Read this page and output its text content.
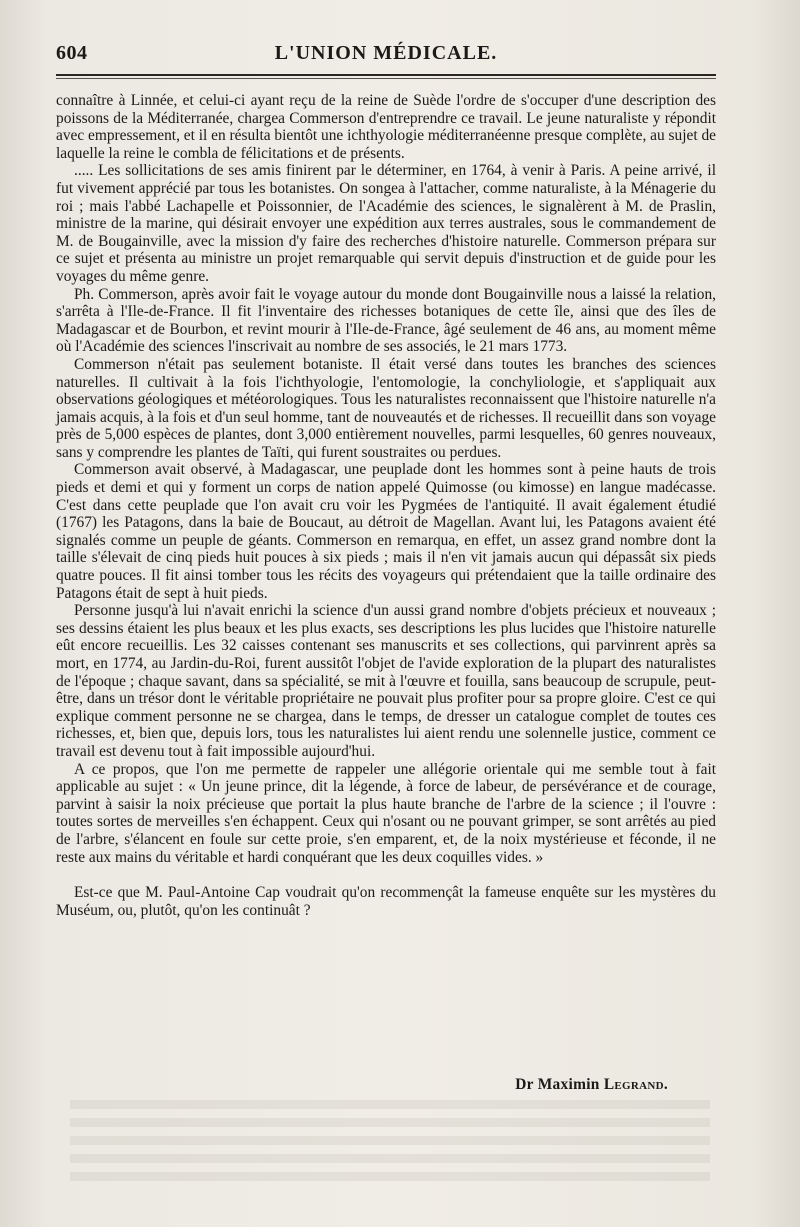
604	L'UNION MÉDICALE.

connaître à Linnée, et celui-ci ayant reçu de la reine de Suède l'ordre de s'occuper d'une description des poissons de la Méditerranée, chargea Commerson d'entreprendre ce travail. Le jeune naturaliste y répondit avec empressement, et il en résulta bientôt une ichthyologie méditerranéenne presque complète, au sujet de laquelle la reine le combla de félicitations et de présents.

..... Les sollicitations de ses amis finirent par le déterminer, en 1764, à venir à Paris. A peine arrivé, il fut vivement apprécié par tous les botanistes. On songea à l'attacher, comme naturaliste, à la Ménagerie du roi ; mais l'abbé Lachapelle et Poissonnier, de l'Académie des sciences, le signalèrent à M. de Praslin, ministre de la marine, qui désirait envoyer une expédition aux terres australes, sous le commandement de M. de Bougainville, avec la mission d'y faire des recherches d'histoire naturelle. Commerson prépara sur ce sujet et présenta au ministre un projet remarquable qui servit depuis d'instruction et de guide pour les voyages du même genre.

Ph. Commerson, après avoir fait le voyage autour du monde dont Bougainville nous a laissé la relation, s'arrêta à l'Ile-de-France. Il fit l'inventaire des richesses botaniques de cette île, ainsi que des îles de Madagascar et de Bourbon, et revint mourir à l'Ile-de-France, âgé seulement de 46 ans, au moment même où l'Académie des sciences l'inscrivait au nombre de ses associés, le 21 mars 1773.

Commerson n'était pas seulement botaniste. Il était versé dans toutes les branches des sciences naturelles. Il cultivait à la fois l'ichthyologie, l'entomologie, la conchyliologie, et s'appliquait aux observations géologiques et météorologiques. Tous les naturalistes reconnaissent que l'histoire naturelle n'a jamais acquis, à la fois et d'un seul homme, tant de nouveautés et de richesses. Il recueillit dans son voyage près de 5,000 espèces de plantes, dont 3,000 entièrement nouvelles, parmi lesquelles, 60 genres nouveaux, sans y comprendre les plantes de Taïti, qui furent soustraites ou perdues.

Commerson avait observé, à Madagascar, une peuplade dont les hommes sont à peine hauts de trois pieds et demi et qui y forment un corps de nation appelé Quimosse (ou kimosse) en langue madécasse. C'est dans cette peuplade que l'on avait cru voir les Pygmées de l'antiquité. Il avait également étudié (1767) les Patagons, dans la baie de Boucaut, au détroit de Magellan. Avant lui, les Patagons avaient été signalés comme un peuple de géants. Commerson en remarqua, en effet, un assez grand nombre dont la taille s'élevait de cinq pieds huit pouces à six pieds ; mais il n'en vit jamais aucun qui dépassât six pieds quatre pouces. Il fit ainsi tomber tous les récits des voyageurs qui prétendaient que la taille ordinaire des Patagons était de sept à huit pieds.

Personne jusqu'à lui n'avait enrichi la science d'un aussi grand nombre d'objets précieux et nouveaux ; ses dessins étaient les plus beaux et les plus exacts, ses descriptions les plus lucides que l'histoire naturelle eût encore recueillis. Les 32 caisses contenant ses manuscrits et ses collections, qui parvinrent après sa mort, en 1774, au Jardin-du-Roi, furent aussitôt l'objet de l'avide exploration de la plupart des naturalistes de l'époque ; chaque savant, dans sa spécialité, se mit à l'œuvre et fouilla, sans beaucoup de scrupule, peut-être, dans un trésor dont le véritable propriétaire ne pouvait plus profiter pour sa propre gloire. C'est ce qui explique comment personne ne se chargea, dans le temps, de dresser un catalogue complet de toutes ces richesses, et, bien que, depuis lors, tous les naturalistes lui aient rendu une solennelle justice, comment ce travail est devenu tout à fait impossible aujourd'hui.

A ce propos, que l'on me permette de rappeler une allégorie orientale qui me semble tout à fait applicable au sujet : « Un jeune prince, dit la légende, à force de labeur, de persévérance et de courage, parvint à saisir la noix précieuse que portait la plus haute branche de l'arbre de la science ; il l'ouvre : toutes sortes de merveilles s'en échappent. Ceux qui n'osant ou ne pouvant grimper, se sont arrêtés au pied de l'arbre, s'élancent en foule sur cette proie, s'en emparent, et, de la noix mystérieuse et féconde, il ne reste aux mains du véritable et hardi conquérant que les deux coquilles vides. »

Est-ce que M. Paul-Antoine Cap voudrait qu'on recommençât la fameuse enquête sur les mystères du Muséum, ou, plutôt, qu'on les continuât ?

Dr Maximin Legrand.
